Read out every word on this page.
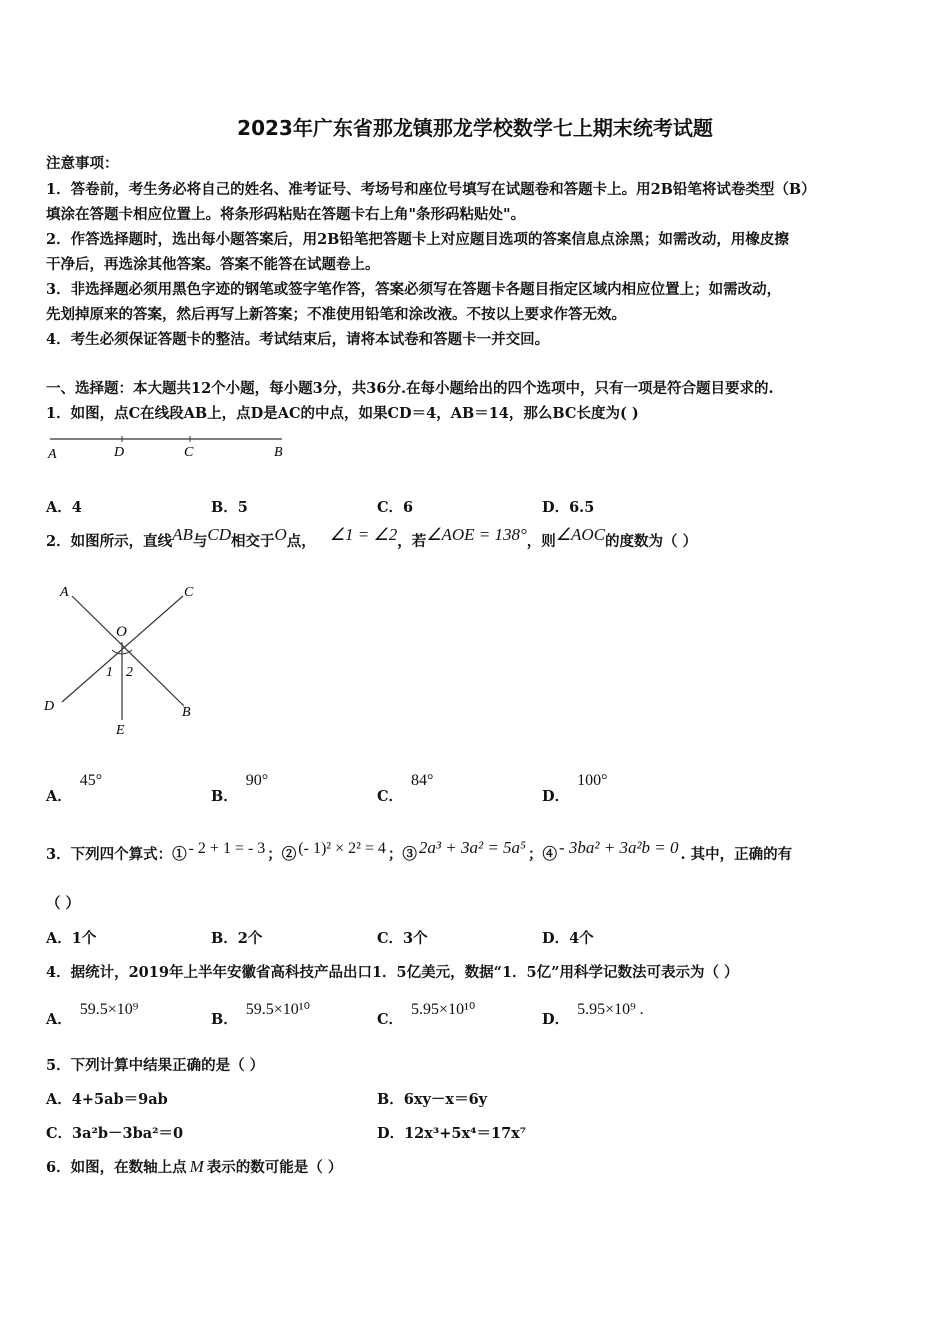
2023年广东省那龙镇那龙学校数学七上期末统考试题
注意事项：
1．答卷前，考生务必将自己的姓名、准考证号、考场号和座位号填写在试题卷和答题卡上。用2B铅笔将试卷类型（B）
填涂在答题卡相应位置上。将条形码粘贴在答题卡右上角"条形码粘贴处"。
2．作答选择题时，选出每小题答案后，用2B铅笔把答题卡上对应题目选项的答案信息点涂黑；如需改动，用橡皮擦
干净后，再选涂其他答案。答案不能答在试题卷上。
3．非选择题必须用黑色字迹的钢笔或签字笔作答，答案必须写在答题卡各题目指定区域内相应位置上；如需改动，
先划掉原来的答案，然后再写上新答案；不准使用铅笔和涂改液。不按以上要求作答无效。
4．考生必须保证答题卡的整洁。考试结束后，请将本试卷和答题卡一并交回。
一、选择题：本大题共12个小题，每小题3分，共36分.在每小题给出的四个选项中，只有一项是符合题目要求的.
1．如图，点C在线段AB上，点D是AC的中点，如果CD＝4，AB＝14，那么BC长度为( )
A	D	C	B
A．4	B．5	C．6	D．6.5
2．如图所示，直线AB与CD相交于O点， ∠1 = ∠2，若∠AOE = 138°，则∠AOC的度数为（ ）
A	C
O
1 2
D	B
E
A．45°
B．90°
C．84°
D．100°
3．下列四个算式：① - 2 + 1 = - 3 ；② (- 1)² × 2² = 4 ；③ 2a³ + 3a² = 5a⁵ ；④ - 3ba² + 3a²b = 0 . 其中，正确的有
（ ）
A．1个	B．2个	C．3个	D．4个
4．据统计，2019年上半年安徽省高科技产品出口1．5亿美元，数据“1．5亿”用科学记数法可表示为（ ）
A．59.5×10⁹
B．59.5×10¹⁰
C．5.95×10¹⁰
D．5.95×10⁹ .
5．下列计算中结果正确的是（ ）
A．4+5ab＝9ab	B．6xy－x＝6y
C．3a²b－3ba²＝0	D．12x³+5x⁴＝17x⁷
6．如图，在数轴上点 M 表示的数可能是（ ）
